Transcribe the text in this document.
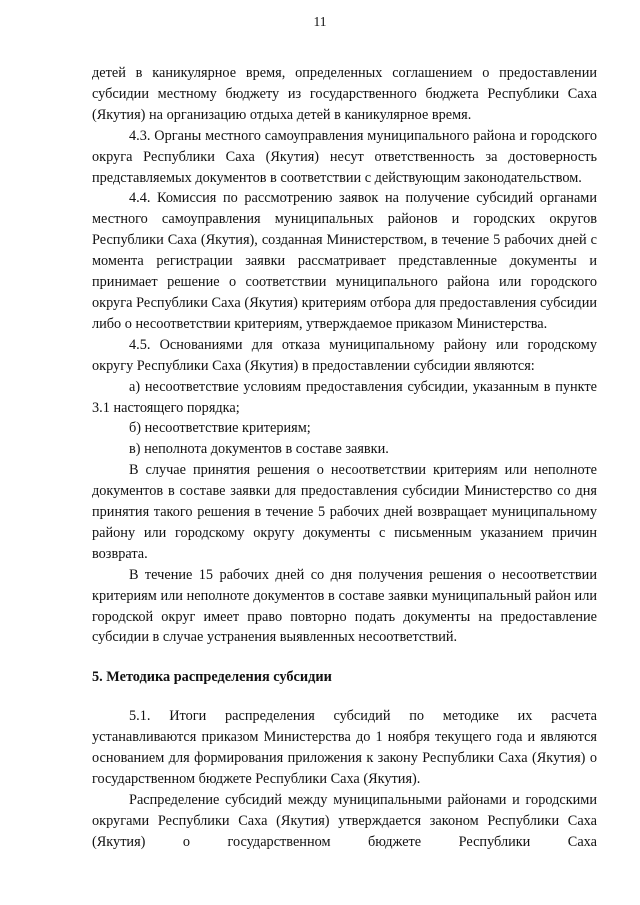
11

детей в каникулярное время, определенных соглашением о предоставлении субсидии местному бюджету из государственного бюджета Республики Саха (Якутия) на организацию отдыха детей в каникулярное время.

4.3. Органы местного самоуправления муниципального района и городского округа Республики Саха (Якутия) несут ответственность за достоверность представляемых документов в соответствии с действующим законодательством.

4.4. Комиссия по рассмотрению заявок на получение субсидий органами местного самоуправления муниципальных районов и городских округов Республики Саха (Якутия), созданная Министерством, в течение 5 рабочих дней с момента регистрации заявки рассматривает представленные документы и принимает решение о соответствии муниципального района или городского округа Республики Саха (Якутия) критериям отбора для предоставления субсидии либо о несоответствии критериям, утверждаемое приказом Министерства.

4.5. Основаниями для отказа муниципальному району или городскому округу Республики Саха (Якутия) в предоставлении субсидии являются:

а) несоответствие условиям предоставления субсидии, указанным в пункте 3.1 настоящего порядка;

б) несоответствие критериям;

в) неполнота документов в составе заявки.

В случае принятия решения о несоответствии критериям или неполноте документов в составе заявки для предоставления субсидии Министерство со дня принятия такого решения в течение 5 рабочих дней возвращает муниципальному району или городскому округу документы с письменным указанием причин возврата.

В течение 15 рабочих дней со дня получения решения о несоответствии критериям или неполноте документов в составе заявки муниципальный район или городской округ имеет право повторно подать документы на предоставление субсидии в случае устранения выявленных несоответствий.

5. Методика распределения субсидии

5.1. Итоги распределения субсидий по методике их расчета устанавливаются приказом Министерства до 1 ноября текущего года и являются основанием для формирования приложения к закону Республики Саха (Якутия) о государственном бюджете Республики Саха (Якутия).

Распределение субсидий между муниципальными районами и городскими округами Республики Саха (Якутия) утверждается законом Республики Саха (Якутия) о государственном бюджете Республики Саха
